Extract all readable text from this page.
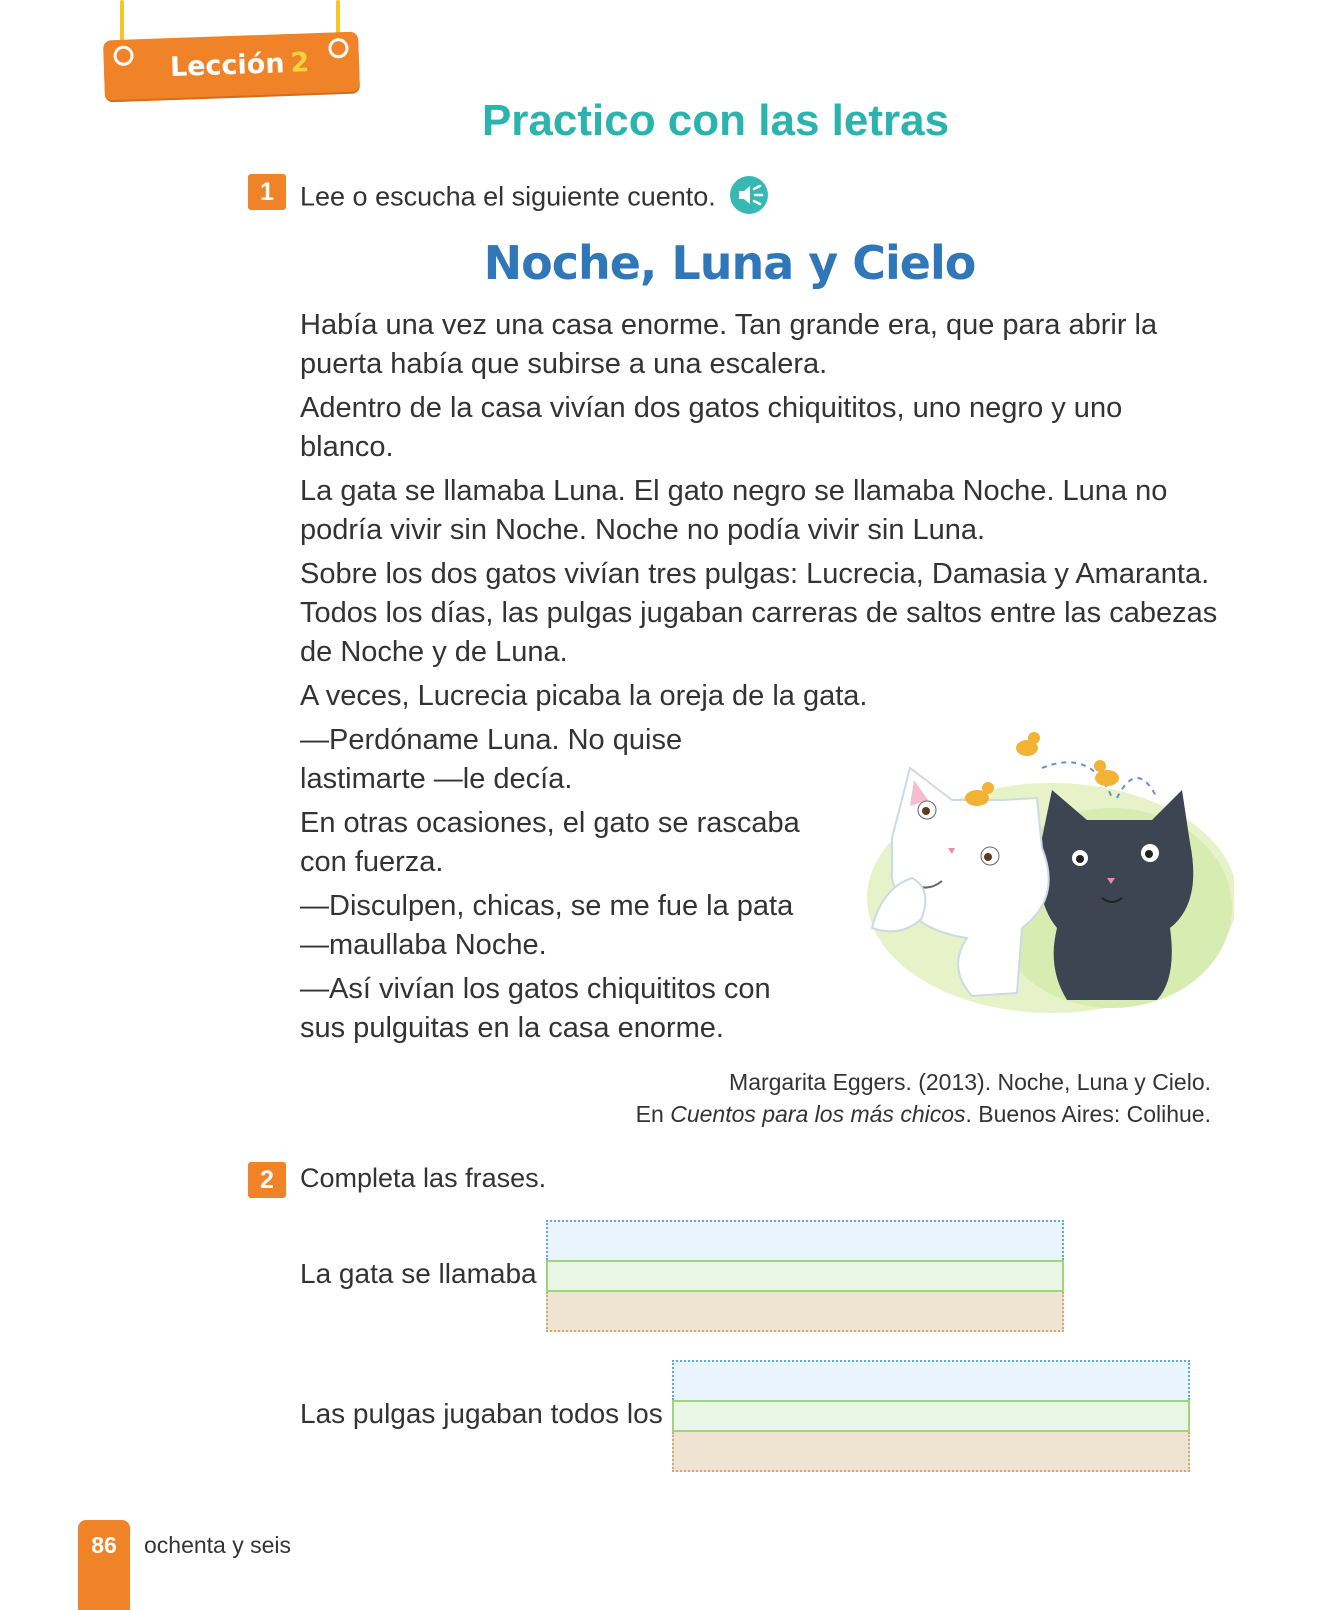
Lección 2
Practico con las letras
1 Lee o escucha el siguiente cuento.
Noche, Luna y Cielo

Había una vez una casa enorme. Tan grande era, que para abrir la puerta había que subirse a una escalera.

Adentro de la casa vivían dos gatos chiquititos, uno negro y uno blanco.

La gata se llamaba Luna. El gato negro se llamaba Noche. Luna no podría vivir sin Noche. Noche no podía vivir sin Luna.

Sobre los dos gatos vivían tres pulgas: Lucrecia, Damasia y Amaranta. Todos los días, las pulgas jugaban carreras de saltos entre las cabezas de Noche y de Luna.

A veces, Lucrecia picaba la oreja de la gata.

—Perdóname Luna. No quise lastimarte —le decía.

En otras ocasiones, el gato se rascaba con fuerza.

—Disculpen, chicas, se me fue la pata —maullaba Noche.

—Así vivían los gatos chiquititos con sus pulguitas en la casa enorme.

Margarita Eggers. (2013). Noche, Luna y Cielo.
En Cuentos para los más chicos. Buenos Aires: Colihue.
2 Completa las frases.
La gata se llamaba
Las pulgas jugaban todos los
86	ochenta y seis
